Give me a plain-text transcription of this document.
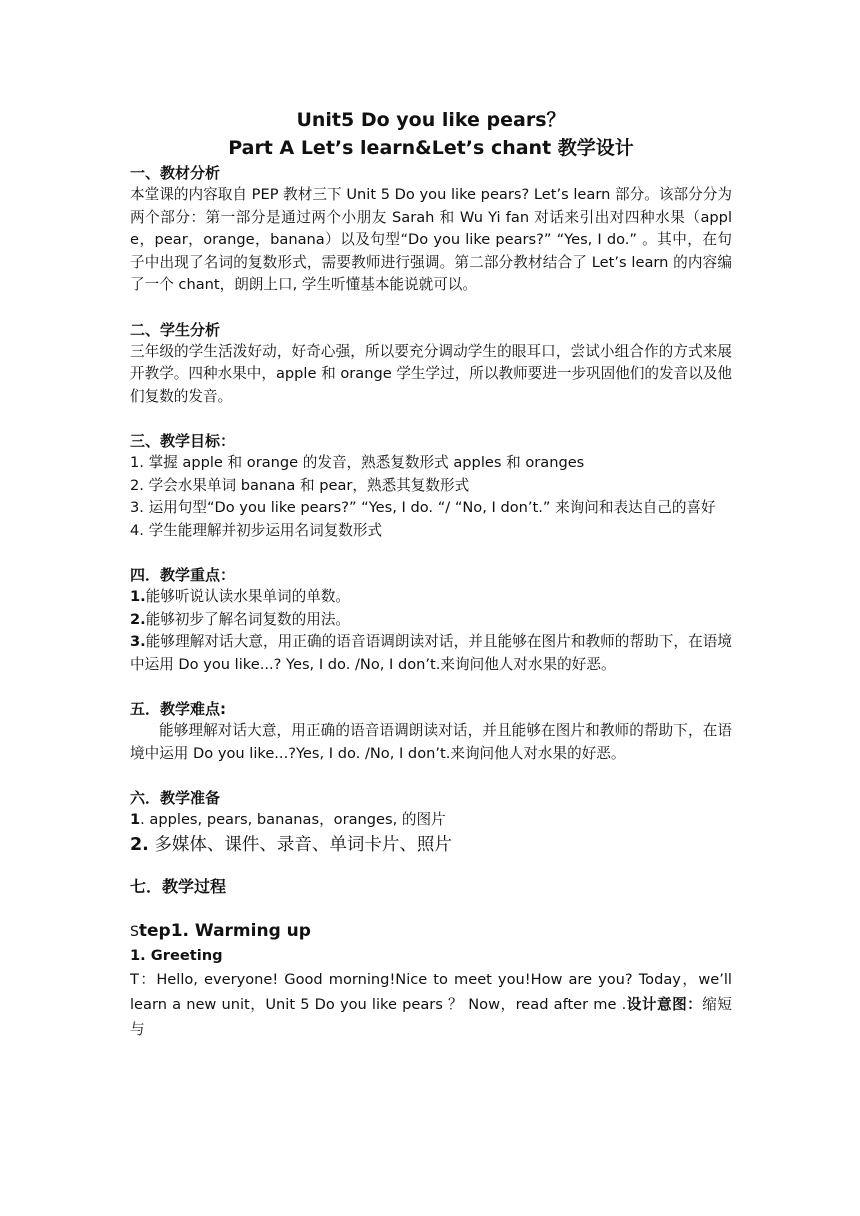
Unit5 Do you like pears？

Part A Let’s learn&Let’s chant 教学设计

一、教材分析

本堂课的内容取自 PEP 教材三下 Unit 5 Do you like pears? Let’s learn 部分。该部分分为两个部分：第一部分是通过两个小朋友 Sarah 和 Wu Yi fan 对话来引出对四种水果（apple，pear，orange，banana）以及句型“Do you like pears?” “Yes, I do.” 。其中，在句子中出现了名词的复数形式，需要教师进行强调。第二部分教材结合了 Let’s learn 的内容编了一个 chant，朗朗上口, 学生听懂基本能说就可以。

二、学生分析

三年级的学生活泼好动，好奇心强，所以要充分调动学生的眼耳口，尝试小组合作的方式来展开教学。四种水果中，apple 和 orange 学生学过，所以教师要进一步巩固他们的发音以及他们复数的发音。

三、教学目标：

1. 掌握 apple 和 orange 的发音，熟悉复数形式 apples 和 oranges

2. 学会水果单词 banana 和 pear，熟悉其复数形式

3. 运用句型“Do you like pears?” “Yes, I do. “/ “No, I don’t.” 来询问和表达自己的喜好

4. 学生能理解并初步运用名词复数形式

四．教学重点：

1.能够听说认读水果单词的单数。

2.能够初步了解名词复数的用法。

3.能够理解对话大意，用正确的语音语调朗读对话，并且能够在图片和教师的帮助下，在语境中运用 Do you like...? Yes, I do. /No, I don’t.来询问他人对水果的好恶。

五．教学难点:

能够理解对话大意，用正确的语音语调朗读对话，并且能够在图片和教师的帮助下，在语境中运用 Do you like...?Yes, I do. /No, I don’t.来询问他人对水果的好恶。

六．教学准备

1. apples, pears, bananas，oranges, 的图片

2. 多媒体、课件、录音、单词卡片、照片

七．教学过程

Step1. Warming up

1. Greeting

T：Hello, everyone! Good morning!Nice to meet you!How are you? Today，we’ll learn a new unit，Unit 5 Do you like pears ？ Now，read after me .设计意图：缩短与
